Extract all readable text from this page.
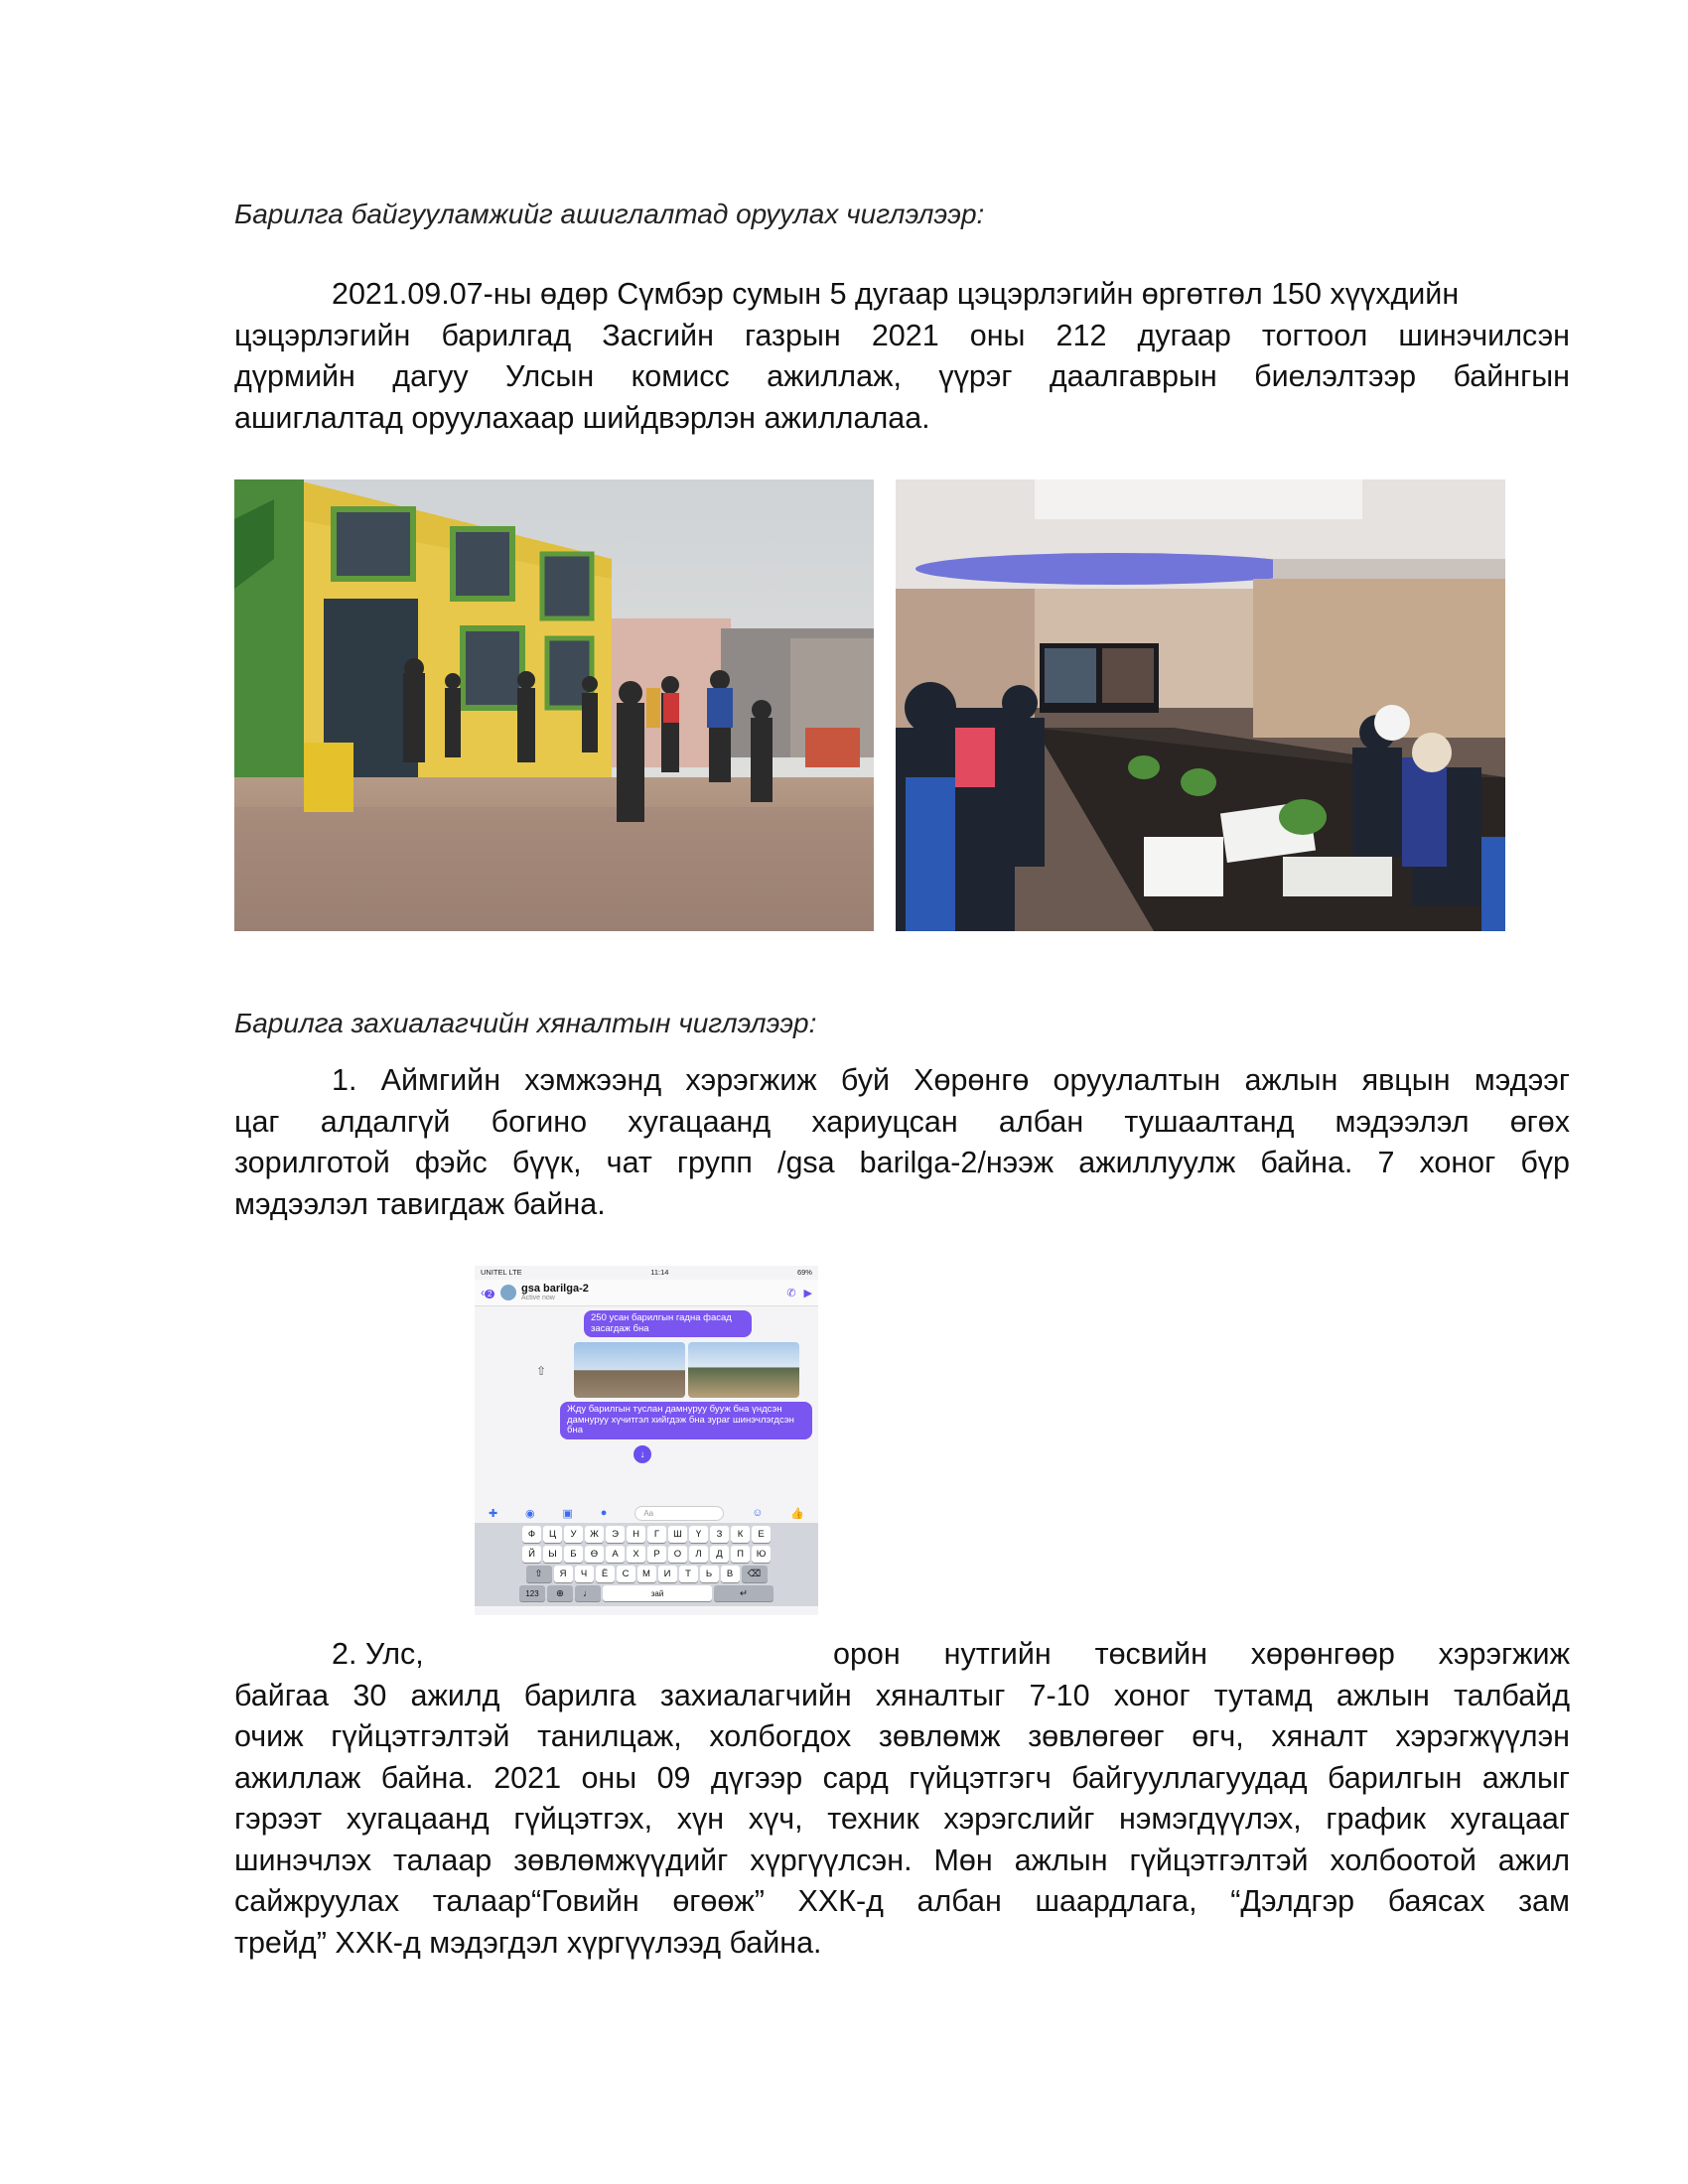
Барилга байгууламжийг ашиглалтад оруулах чиглэлээр:
2021.09.07-ны өдөр Сүмбэр сумын 5 дугаар цэцэрлэгийн өргөтгөл 150 хүүхдийн
цэцэрлэгийн барилгад Засгийн газрын 2021 оны 212 дугаар тогтоол шинэчилсэн
дүрмийн дагуу Улсын комисс ажиллаж, үүрэг даалгаврын биелэлтээр байнгын
ашиглалтад оруулахаар шийдвэрлэн ажиллалаа.
Барилга захиалагчийн хяналтын чиглэлээр:
1. Аймгийн хэмжээнд хэрэгжиж буй Хөрөнгө оруулалтын ажлын явцын мэдээг
цаг алдалгүй богино хугацаанд хариуцсан албан тушаалтанд мэдээлэл өгөх
зорилготой фэйс бүүк, чат групп /gsa barilga-2/нээж ажиллуулж байна. 7 хоног бүр
мэдээлэл тавигдаж байна.
UNITEL LTE	11:14	69%
‹ 2	gsa barilga-2
Active now	✆ ▶
250 усан барилгын гадна фасад засагдаж бна
⇧
Жду барилгын туслан дамнуруу бууж бна үндсэн дамнуруу хүчитгэл хийгдэж бна зураг шинэчлэгдсэн бна
↓
✚	◉	▣	●	Aa	☺	👍
Ф	Ц	У	Ж	Э	Н	Г	Ш	Ү	З	К	Е
Й	Ы	Б	Ө	А	Х	Р	О	Л	Д	П	Ю
⇧	Я	Ч	Ё	С	М	И	Т	Ь	В	⌫
123	⊕	♩	зай	↵
2. Улс,	орон нутгийн төсвийн хөрөнгөөр хэрэгжиж
байгаа 30 ажилд барилга захиалагчийн хяналтыг 7-10 хоног тутамд ажлын талбайд
очиж гүйцэтгэлтэй танилцаж, холбогдох зөвлөмж зөвлөгөөг өгч, хяналт хэрэгжүүлэн
ажиллаж байна. 2021 оны 09 дүгээр сард гүйцэтгэгч байгууллагуудад барилгын ажлыг
гэрээт хугацаанд гүйцэтгэх, хүн хүч, техник хэрэгслийг нэмэгдүүлэх, график хугацааг
шинэчлэх талаар зөвлөмжүүдийг хүргүүлсэн. Мөн ажлын гүйцэтгэлтэй холбоотой ажил
сайжруулах талаар“Говийн өгөөж” ХХК-д албан шаардлага, “Дэлдгэр баясах зам
трейд” ХХК-д мэдэгдэл хүргүүлээд байна.
